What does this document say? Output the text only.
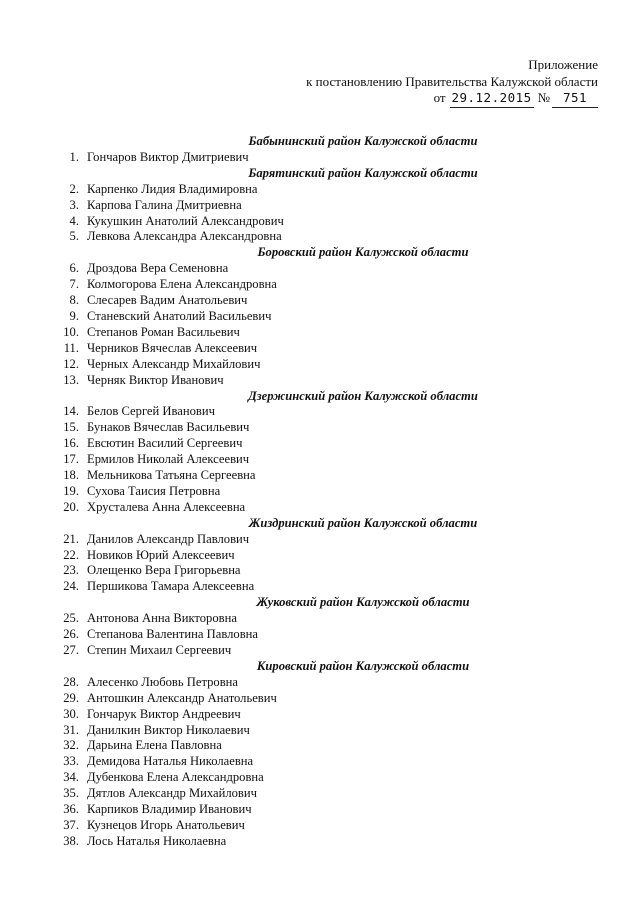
Приложение
к постановлению Правительства Калужской области
от 29.12.2015 №	751
Бабынинский район Калужской области
1. Гончаров Виктор Дмитриевич
Барятинский район Калужской области
2. Карпенко Лидия Владимировна
3. Карпова Галина Дмитриевна
4. Кукушкин Анатолий Александрович
5. Левкова Александра Александровна
Боровский район Калужской области
6. Дроздова Вера Семеновна
7. Колмогорова Елена Александровна
8. Слесарев Вадим Анатольевич
9. Станевский Анатолий Васильевич
10. Степанов Роман Васильевич
11. Черников Вячеслав Алексеевич
12. Черных Александр Михайлович
13. Черняк Виктор Иванович
Дзержинский район Калужской области
14. Белов Сергей Иванович
15. Бунаков Вячеслав Васильевич
16. Евсютин Василий Сергеевич
17. Ермилов Николай Алексеевич
18. Мельникова Татьяна Сергеевна
19. Сухова Таисия Петровна
20. Хрусталева Анна Алексеевна
Жиздринский район Калужской области
21. Данилов Александр Павлович
22. Новиков Юрий Алексеевич
23. Олещенко Вера Григорьевна
24. Першикова Тамара Алексеевна
Жуковский район Калужской области
25. Антонова Анна Викторовна
26. Степанова Валентина Павловна
27. Степин Михаил Сергеевич
Кировский район Калужской области
28. Алесенко Любовь Петровна
29. Антошкин Александр Анатольевич
30. Гончарук Виктор Андреевич
31. Данилкин Виктор Николаевич
32. Дарьина Елена Павловна
33. Демидова Наталья Николаевна
34. Дубенкова Елена Александровна
35. Дятлов Александр Михайлович
36. Карпиков Владимир Иванович
37. Кузнецов Игорь Анатольевич
38. Лось Наталья Николаевна
